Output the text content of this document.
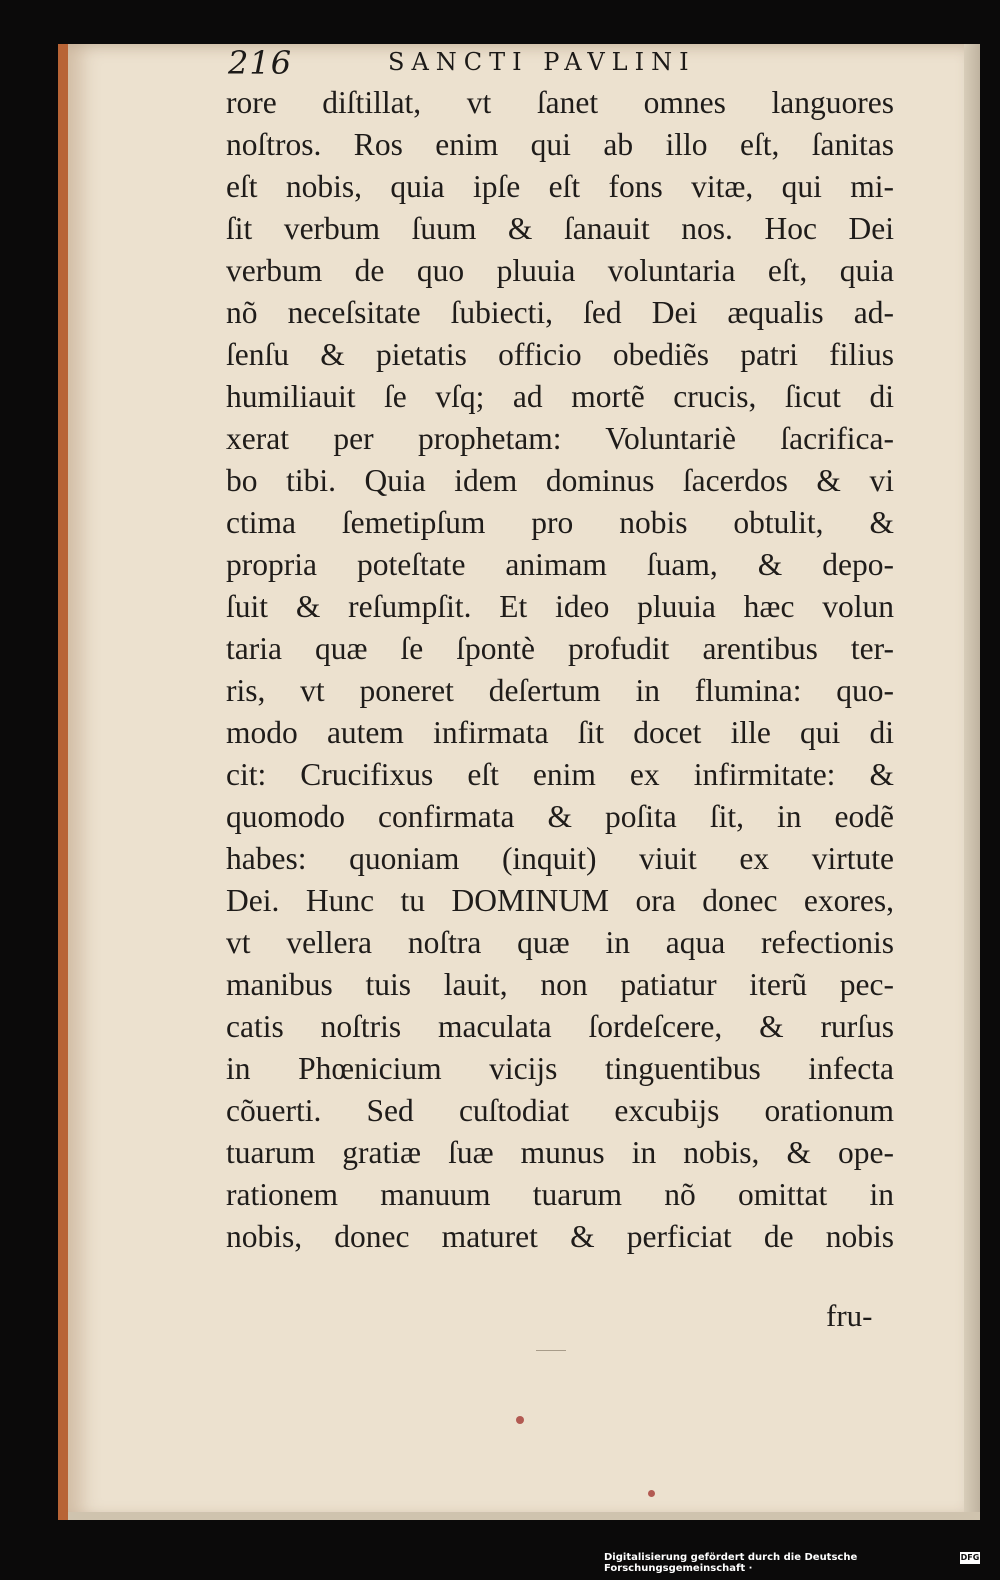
216	SANCTI PAVLINI
rore diſtillat, vt ſanet omnes languores
noſtros. Ros enim qui ab illo eſt, ſanitas
eſt nobis, quia ipſe eſt fons vitæ, qui mi-
ſit verbum ſuum & ſanauit nos. Hoc Dei
verbum de quo pluuia voluntaria eſt, quia
nõ neceſsitate ſubiecti, ſed Dei æqualis ad-
ſenſu & pietatis officio obediẽs patri filius
humiliauit ſe vſq; ad mortẽ crucis, ſicut di
xerat per prophetam: Voluntariè ſacrifica-
bo tibi. Quia idem dominus ſacerdos & vi
ctima ſemetipſum pro nobis obtulit, &
propria poteſtate animam ſuam, & depo-
ſuit & reſumpſit. Et ideo pluuia hæc volun
taria quæ ſe ſpontè profudit arentibus ter-
ris, vt poneret deſertum in flumina: quo-
modo autem infirmata ſit docet ille qui di
cit: Crucifixus eſt enim ex infirmitate: &
quomodo confirmata & poſita ſit, in eodẽ
habes: quoniam (inquit) viuit ex virtute
Dei. Hunc tu DOMINUM ora donec exores,
vt vellera noſtra quæ in aqua refectionis
manibus tuis lauit, non patiatur iterũ pec-
catis noſtris maculata ſordeſcere, & rurſus
in Phœnicium vicijs tinguentibus infecta
cõuerti. Sed cuſtodiat excubijs orationum
tuarum gratiæ ſuæ munus in nobis, & ope-
rationem manuum tuarum nõ omittat in
nobis, donec maturet & perficiat de nobis
fru-
Digitalisierung gefördert durch die Deutsche Forschungsgemeinschaft ·
DFG
